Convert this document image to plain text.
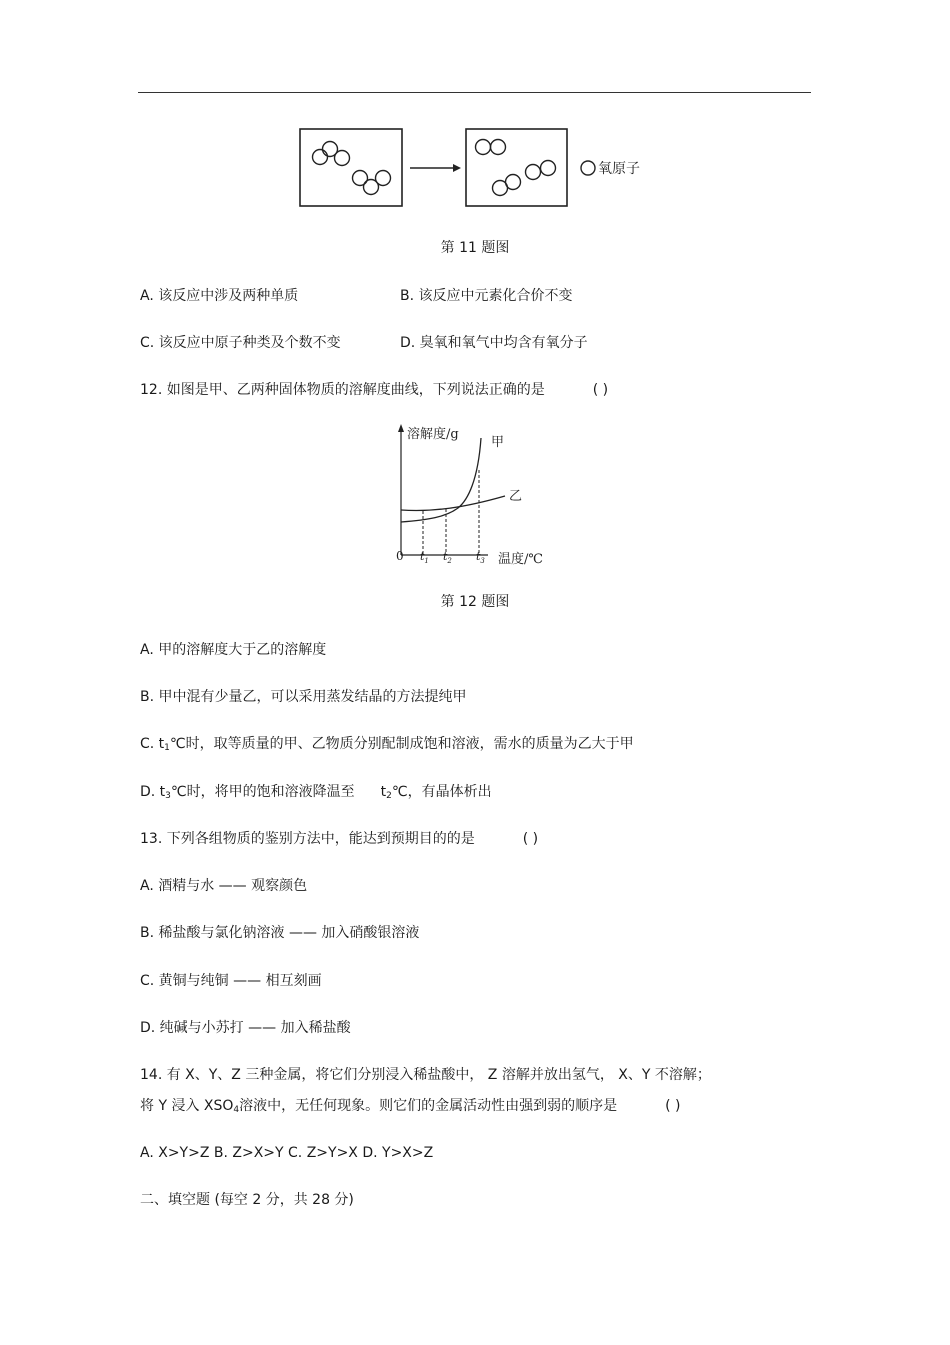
氧原子
第 11 题图
A. 该反应中涉及两种单质	B. 该反应中元素化合价不变
C. 该反应中原子种类及个数不变	D. 臭氧和氧气中均含有氧分子
12. 如图是甲、乙两种固体物质的溶解度曲线，下列说法正确的是	( )
溶解度/g
甲
乙
0 $t_1$ $t_2$ $t_3$ 温度/℃
第 12 题图
A. 甲的溶解度大于乙的溶解度
B. 甲中混有少量乙，可以采用蒸发结晶的方法提纯甲
C. $t_1℃$时，取等质量的甲、乙物质分别配制成饱和溶液，需水的质量为乙大于甲
D. $t_3℃$时，将甲的饱和溶液降温至 $t_2℃$，有晶体析出
13. 下列各组物质的鉴别方法中，能达到预期目的的是	( )
A. 酒精与水 —— 观察颜色
B. 稀盐酸与氯化钠溶液 —— 加入硝酸银溶液
C. 黄铜与纯铜 —— 相互刻画
D. 纯碱与小苏打 —— 加入稀盐酸
14. 有 X、Y、Z 三种金属，将它们分别浸入稀盐酸中， Z 溶解并放出氢气， X、Y 不溶解；
将 Y 浸入 $XSO_4$溶液中，无任何现象。则它们的金属活动性由强到弱的顺序是	( )
A. X>Y>Z B. Z>X>Y C. Z>Y>X D. Y>X>Z
二、填空题 (每空 2 分，共 28 分)
